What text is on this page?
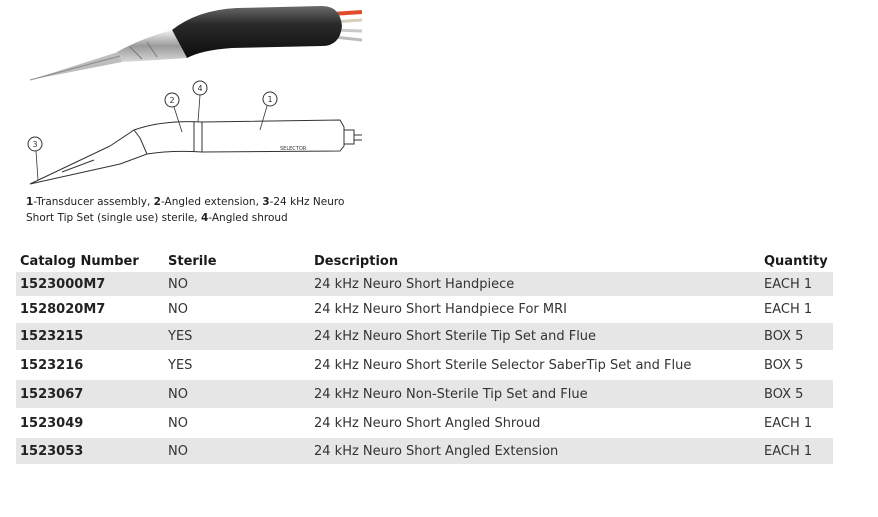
SELECTOR
1
2
3
4
1-Transducer assembly, 2-Angled extension, 3-24 kHz Neuro Short Tip Set (single use) sterile, 4-Angled shroud
Catalog Number	Sterile	Description	Quantity
1523000M7	NO	24 kHz Neuro Short Handpiece	EACH 1
1528020M7	NO	24 kHz Neuro Short Handpiece For MRI	EACH 1
1523215	YES	24 kHz Neuro Short Sterile Tip Set and Flue	BOX 5
1523216	YES	24 kHz Neuro Short Sterile Selector SaberTip Set and Flue	BOX 5
1523067	NO	24 kHz Neuro Non-Sterile Tip Set and Flue	BOX 5
1523049	NO	24 kHz Neuro Short Angled Shroud	EACH 1
1523053	NO	24 kHz Neuro Short Angled Extension	EACH 1
